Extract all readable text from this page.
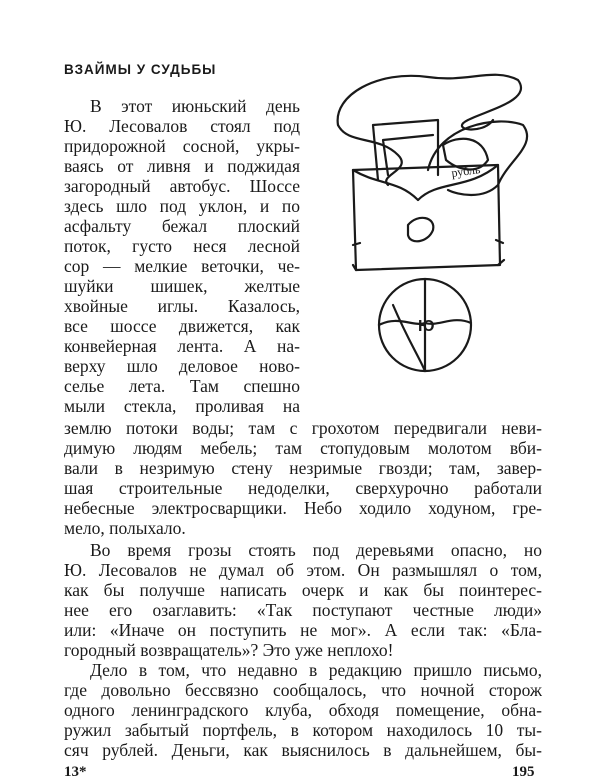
ВЗАЙМЫ У СУДЬБЫ
В этот июньский день
Ю. Лесовалов стоял под
придорожной сосной, укры-
ваясь от ливня и поджидая
загородный автобус. Шоссе
здесь шло под уклон, и по
асфальту бежал плоский
поток, густо неся лесной
сор — мелкие веточки, че-
шуйки шишек, желтые
хвойные иглы. Казалось,
все шоссе движется, как
конвейерная лента. А на-
верху шло деловое ново-
селье лета. Там спешно
мыли стекла, проливая на
землю потоки воды; там с грохотом передвигали неви-
димую людям мебель; там стопудовым молотом вби-
вали в незримую стену незримые гвозди; там, завер-
шая строительные недоделки, сверхурочно работали
небесные электросварщики. Небо ходило ходуном, гре-
мело, полыхало.
Во время грозы стоять под деревьями опасно, но
Ю. Лесовалов не думал об этом. Он размышлял о том,
как бы получше написать очерк и как бы поинтерес-
нее его озаглавить: «Так поступают честные люди»
или: «Иначе он поступить не мог». А если так: «Бла-
городный возвращатель»? Это уже неплохо!
Дело в том, что недавно в редакцию пришло письмо,
где довольно бессвязно сообщалось, что ночной сторож
одного ленинградского клуба, обходя помещение, обна-
ружил забытый портфель, в котором находилось 10 ты-
сяч рублей. Деньги, как выяснилось в дальнейшем, бы-
рубль
Ю
13*	195
